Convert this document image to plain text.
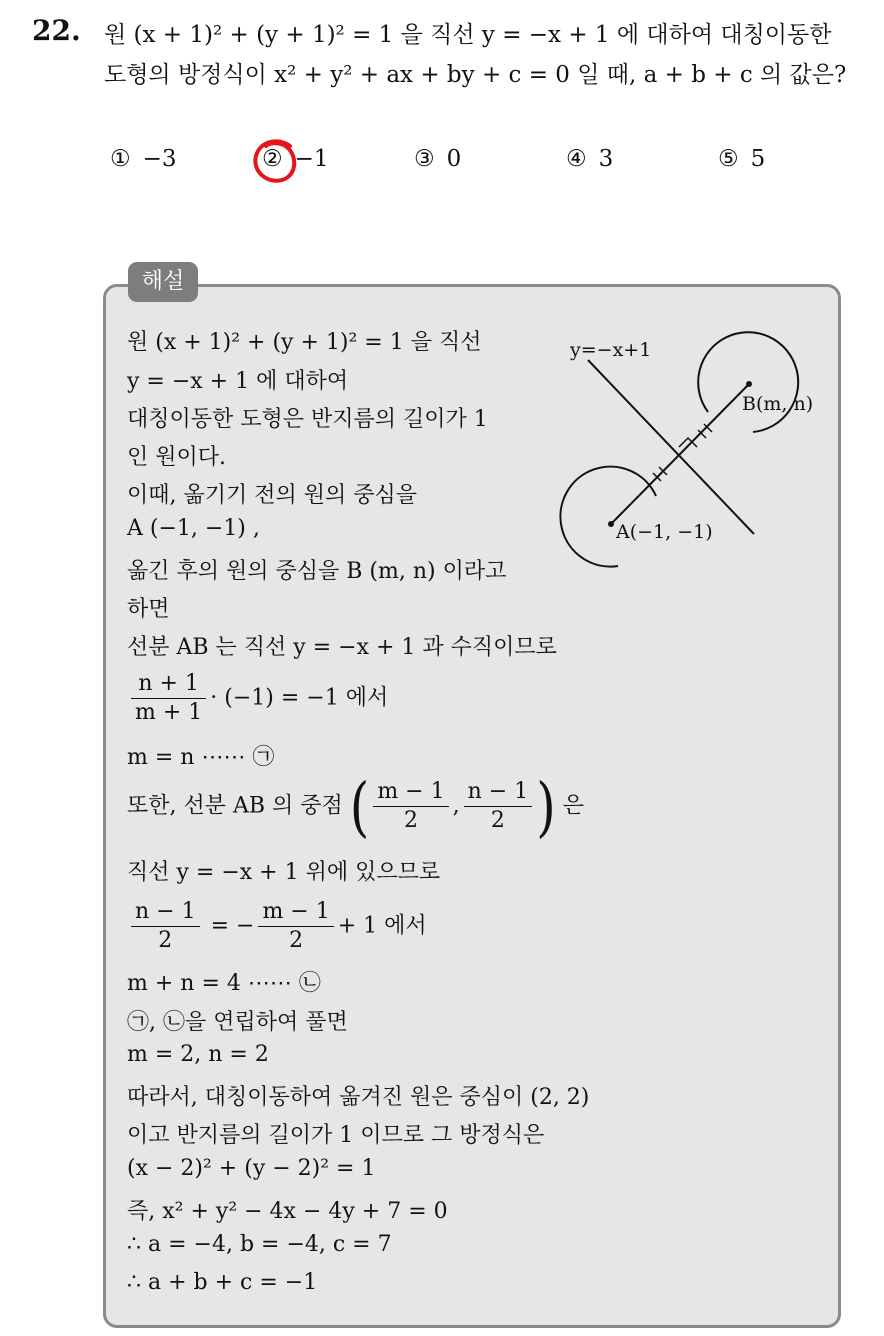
22. 원 (x + 1)² + (y + 1)² = 1 을 직선 y = −x + 1 에 대하여 대칭이동한
도형의 방정식이 x² + y² + ax + by + c = 0 일 때, a + b + c 의 값은?
① −3	② −1	③ 0	④ 3	⑤ 5
해설
원 (x + 1)² + (y + 1)² = 1 을 직선
y = −x + 1 에 대하여
대칭이동한 도형은 반지름의 길이가 1
인 원이다.
이때, 옮기기 전의 원의 중심을
A (−1, −1) ,
옮긴 후의 원의 중심을 B (m, n) 이라고
하면
선분 AB 는 직선 y = −x + 1 과 수직이므로
$\frac{n + 1}{m + 1} \cdot (-1) = -1$ 에서
m = n ⋯⋯ ㉠
또한, 선분 AB 의 중점 ( $\frac{m - 1}{2}$ , $\frac{n - 1}{2}$ ) 은
직선 y = −x + 1 위에 있으므로
$\frac{n - 1}{2}$ = − $\frac{m - 1}{2} + 1$ 에서
m + n = 4 ⋯⋯ ㉡
㉠, ㉡을 연립하여 풀면
m = 2, n = 2
따라서, 대칭이동하여 옮겨진 원은 중심이 (2, 2)
이고 반지름의 길이가 1 이므로 그 방정식은
(x − 2)² + (y − 2)² = 1
즉, x² + y² − 4x − 4y + 7 = 0
∴ a = −4, b = −4, c = 7
∴ a + b + c = −1
y=−x+1
B(m, n)
A(−1, −1)
